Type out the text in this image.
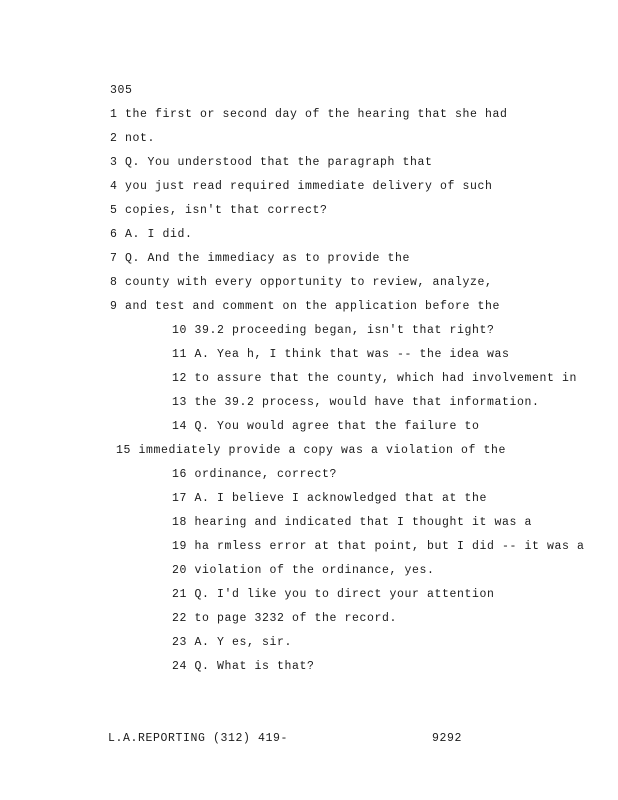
305
1 the first or second day of the hearing that she had
2 not.
3 Q. You understood that the paragraph that
4 you just read required immediate delivery of such
5 copies, isn't that correct?
6 A. I did.
7 Q. And the immediacy as to provide the
8 county with every opportunity to review, analyze,
9 and test and comment on the application before the
10 39.2 proceeding began, isn't that right?
11 A. Yea h, I think that was -- the idea was
12 to assure that the county, which had involvement in
13 the 39.2 process, would have that information.
14 Q. You would agree that the failure to
15 immediately provide a copy was a violation of the
16 ordinance, correct?
17 A. I believe I acknowledged that at the
18 hearing and indicated that I thought it was a
19 ha rmless error at that point, but I did -- it was a
20 violation of the ordinance, yes.
21 Q. I'd like you to direct your attention
22 to page 3232 of the record.
23 A. Y es, sir.
24 Q. What is that?
L.A.REPORTING (312) 419-	9292
